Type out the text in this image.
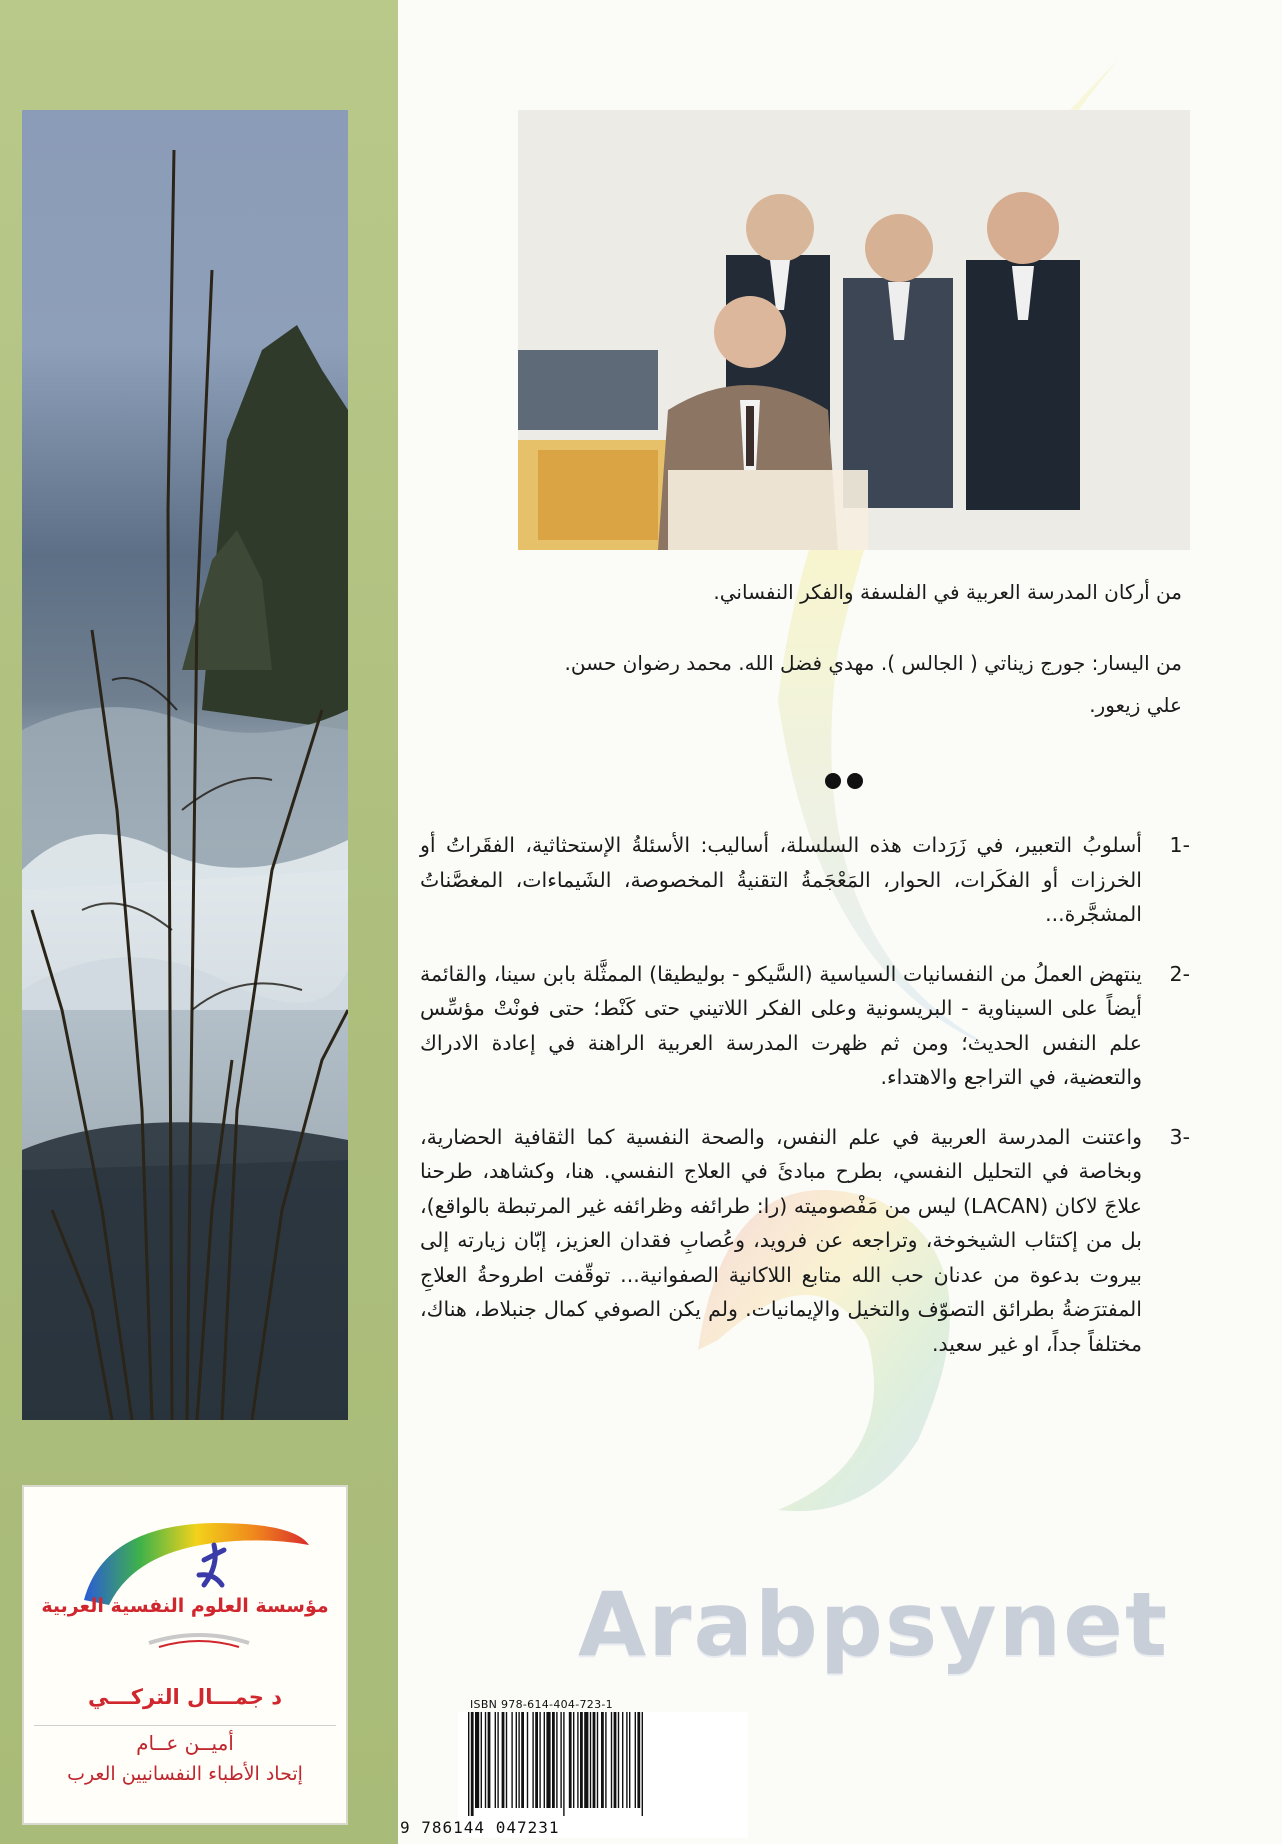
مؤسسة العلوم النفسية العربية
د جمـــال التركـــي
أميــن عــام
إتحاد الأطباء النفسانيين العرب
من أركان المدرسة العربية في الفلسفة والفكر النفساني.
من اليسار: جورج زيناتي ( الجالس ). مهدي فضل الله. محمد رضوان حسن. علي زيعور.
-1
أسلوبُ التعبير، في زَرَدات هذه السلسلة، أساليب: الأسئلةُ الإستحثاثية، الفقَراتُ أو الخرزات أو الفكَرات، الحوار، المَعْجَمةُ التقنيةُ المخصوصة، الشَيماءات، المغصَّناتُ المشجَّرة...
-2
ينتهض العملُ من النفسانيات السياسية (السَّيكو - بوليطيقا) الممثَّلة بابن سينا، والقائمة أيضاً على السيناوية - البريسونية وعلى الفكر اللاتيني حتى كَنْط؛ حتى فونْتْ مؤسِّس علم النفس الحديث؛ ومن ثم ظهرت المدرسة العربية الراهنة في إعادة الادراك والتعضية، في التراجع والاهتداء.
-3
واعتنت المدرسة العربية في علم النفس، والصحة النفسية كما الثقافية الحضارية، وبخاصة في التحليل النفسي، بطرح مبادئَ في العلاج النفسي. هنا، وكشاهد، طرحنا علاجَ لاكان (LACAN) ليس من مَفْصوميته (را: طرائفه وظرائفه غير المرتبطة بالواقع)، بل من إكتئاب الشيخوخة، وتراجعه عن فرويد، وعُصابِ فقدان العزيز، إبّان زيارته إلى بيروت بدعوة من عدنان حب الله متابع اللاكانية الصفوانية... توقّفت اطروحةُ العلاجِ المفترَضةُ بطرائق التصوّف والتخيل والإيمانيات. ولم يكن الصوفي كمال جنبلاط، هناك، مختلفاً جداً، او غير سعيد.
Arabpsynet
ISBN 978-614-404-723-1
9 786144 047231
